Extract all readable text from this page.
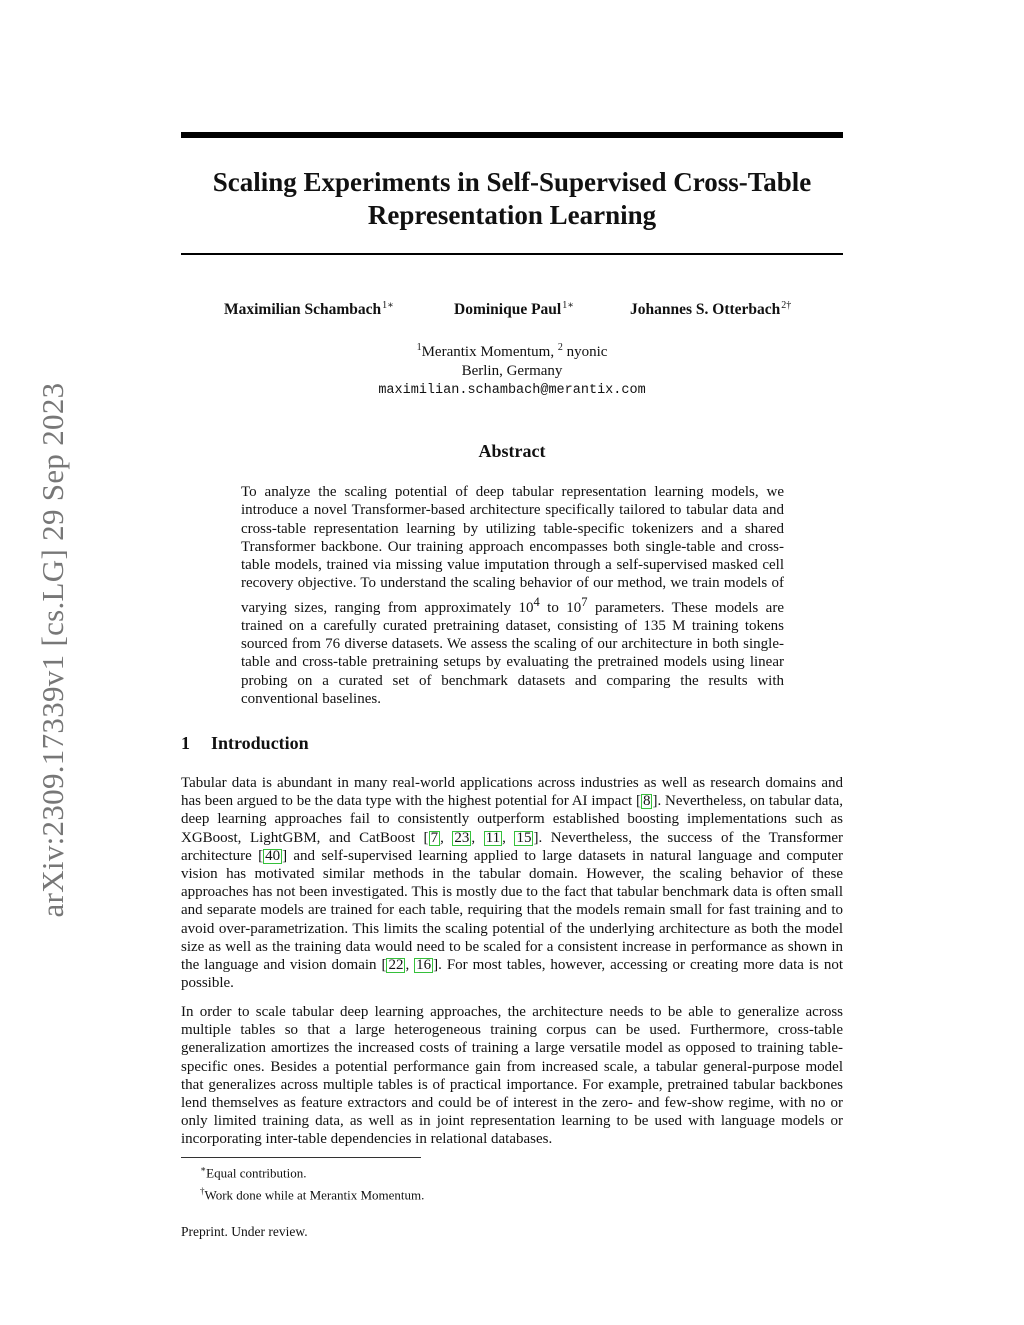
arXiv:2309.17339v1 [cs.LG] 29 Sep 2023
Scaling Experiments in Self-Supervised Cross-Table
Representation Learning
Maximilian Schambach$^{1∗}$	Dominique Paul$^{1∗}$	Johannes S. Otterbach$^{2\dagger}$
$^1$Merantix Momentum, $^2$ nyonic
Berlin, Germany
maximilian.schambach@merantix.com
Abstract

To analyze the scaling potential of deep tabular representation learning models, we introduce a novel Transformer-based architecture specifically tailored to tabular data and cross-table representation learning by utilizing table-specific tokenizers and a shared Transformer backbone. Our training approach encompasses both single-table and cross-table models, trained via missing value imputation through a self-supervised masked cell recovery objective. To understand the scaling behavior of our method, we train models of varying sizes, ranging from approximately $10^4$ to $10^7$ parameters. These models are trained on a carefully curated pretraining dataset, consisting of 135 M training tokens sourced from 76 diverse datasets. We assess the scaling of our architecture in both single-table and cross-table pretraining setups by evaluating the pretrained models using linear probing on a curated set of benchmark datasets and comparing the results with conventional baselines.

1 Introduction

Tabular data is abundant in many real-world applications across industries as well as research domains and has been argued to be the data type with the highest potential for AI impact [ 8 ]. Nevertheless, on tabular data, deep learning approaches fail to consistently outperform established boosting implementations such as XGBoost, LightGBM, and CatBoost [ 7 , 23 , 11 , 15 ]. Nevertheless, the success of the Transformer architecture [ 40 ] and self-supervised learning applied to large datasets in natural language and computer vision has motivated similar methods in the tabular domain. However, the scaling behavior of these approaches has not been investigated. This is mostly due to the fact that tabular benchmark data is often small and separate models are trained for each table, requiring that the models remain small for fast training and to avoid over-parametrization. This limits the scaling potential of the underlying architecture as both the model size as well as the training data would need to be scaled for a consistent increase in performance as shown in the language and vision domain [ 22 , 16 ]. For most tables, however, accessing or creating more data is not possible.

In order to scale tabular deep learning approaches, the architecture needs to be able to generalize across multiple tables so that a large heterogeneous training corpus can be used. Furthermore, cross-table generalization amortizes the increased costs of training a large versatile model as opposed to training table-specific ones. Besides a potential performance gain from increased scale, a tabular general-purpose model that generalizes across multiple tables is of practical importance. For example, pretrained tabular backbones lend themselves as feature extractors and could be of interest in the zero- and few-show regime, with no or only limited training data, as well as in joint representation learning to be used with language models or incorporating inter-table dependencies in relational databases.

∗Equal contribution.
†Work done while at Merantix Momentum.
Preprint. Under review.
